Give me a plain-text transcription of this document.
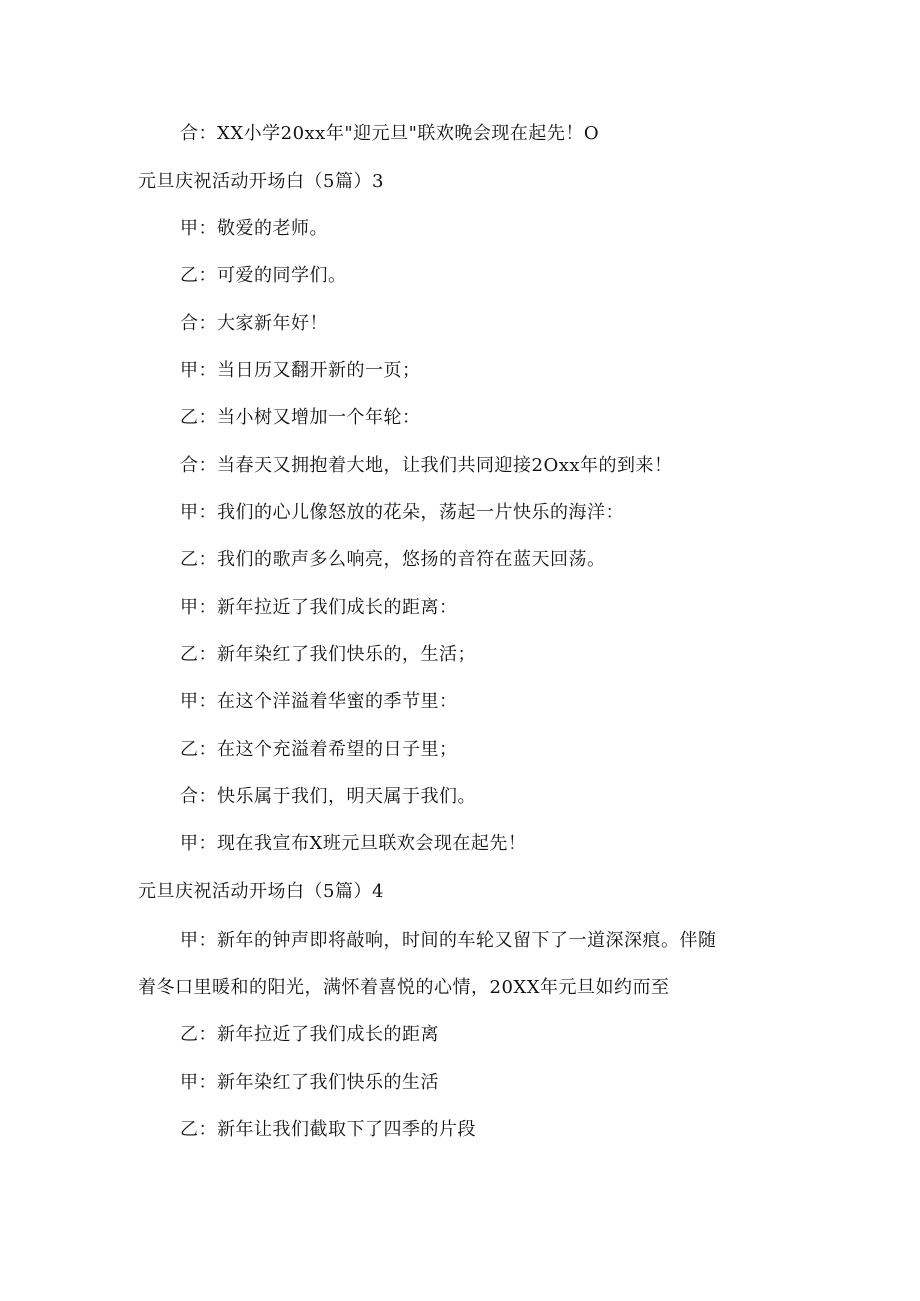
合：XX小学20xx年"迎元旦"联欢晚会现在起先！O
元旦庆祝活动开场白（5篇）3
甲：敬爱的老师。
乙：可爱的同学们。
合：大家新年好！
甲：当日历又翻开新的一页；
乙：当小树又增加一个年轮：
合：当春天又拥抱着大地，让我们共同迎接2Oxx年的到来！
甲：我们的心儿像怒放的花朵，荡起一片快乐的海洋：
乙：我们的歌声多么响亮，悠扬的音符在蓝天回荡。
甲：新年拉近了我们成长的距离：
乙：新年染红了我们快乐的，生活；
甲：在这个洋溢着华蜜的季节里：
乙：在这个充溢着希望的日子里；
合：快乐属于我们，明天属于我们。
甲：现在我宣布X班元旦联欢会现在起先！
元旦庆祝活动开场白（5篇）4
甲：新年的钟声即将敲响，时间的车轮又留下了一道深深痕。伴随
着冬口里暖和的阳光，满怀着喜悦的心情，20XX年元旦如约而至
乙：新年拉近了我们成长的距离
甲：新年染红了我们快乐的生活
乙：新年让我们截取下了四季的片段
